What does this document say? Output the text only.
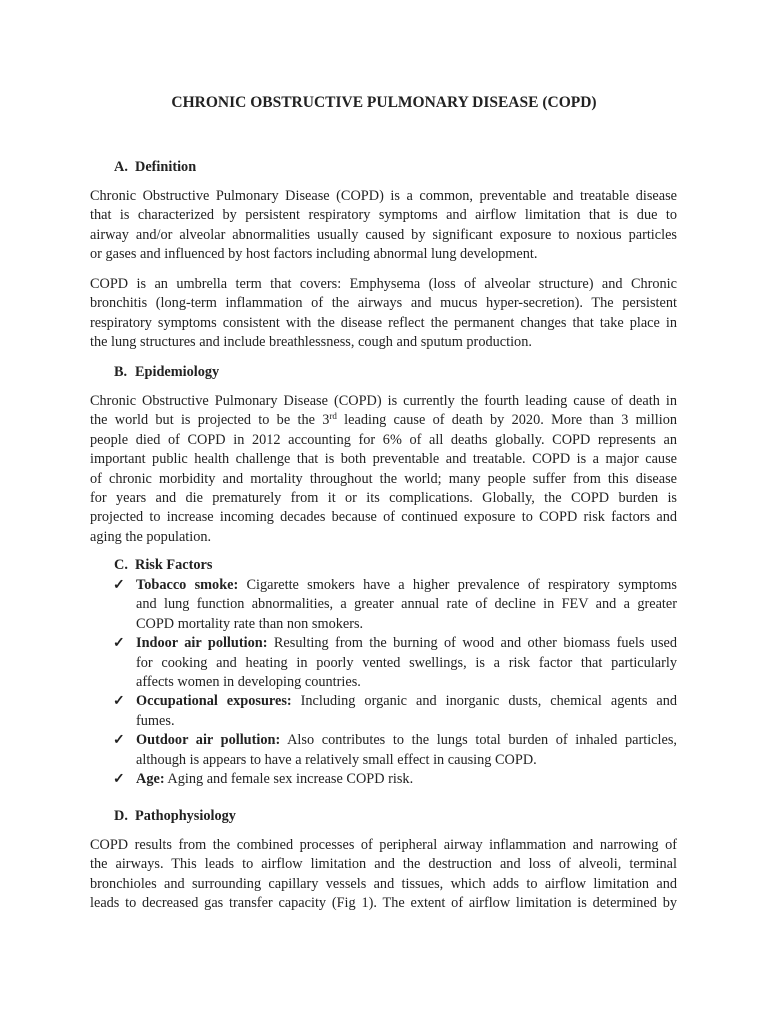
CHRONIC OBSTRUCTIVE PULMONARY DISEASE (COPD)
A. Definition
Chronic Obstructive Pulmonary Disease (COPD) is a common, preventable and treatable disease
that is characterized by persistent respiratory symptoms and airflow limitation that is due to
airway and/or alveolar abnormalities usually caused by significant exposure to noxious particles
or gases and influenced by host factors including abnormal lung development.
COPD is an umbrella term that covers: Emphysema (loss of alveolar structure) and Chronic
bronchitis (long-term inflammation of the airways and mucus hyper-secretion). The persistent
respiratory symptoms consistent with the disease reflect the permanent changes that take place in
the lung structures and include breathlessness, cough and sputum production.
B. Epidemiology
Chronic Obstructive Pulmonary Disease (COPD) is currently the fourth leading cause of death in
the world but is projected to be the 3rd leading cause of death by 2020. More than 3 million
people died of COPD in 2012 accounting for 6% of all deaths globally. COPD represents an
important public health challenge that is both preventable and treatable. COPD is a major cause
of chronic morbidity and mortality throughout the world; many people suffer from this disease
for years and die prematurely from it or its complications. Globally, the COPD burden is
projected to increase incoming decades because of continued exposure to COPD risk factors and
aging the population.
C. Risk Factors
✓ Tobacco smoke: Cigarette smokers have a higher prevalence of respiratory symptoms
and lung function abnormalities, a greater annual rate of decline in FEV and a greater
COPD mortality rate than non smokers.
✓ Indoor air pollution: Resulting from the burning of wood and other biomass fuels used
for cooking and heating in poorly vented swellings, is a risk factor that particularly
affects women in developing countries.
✓ Occupational exposures: Including organic and inorganic dusts, chemical agents and
fumes.
✓ Outdoor air pollution: Also contributes to the lungs total burden of inhaled particles,
although is appears to have a relatively small effect in causing COPD.
✓ Age: Aging and female sex increase COPD risk.
D. Pathophysiology
COPD results from the combined processes of peripheral airway inflammation and narrowing of
the airways. This leads to airflow limitation and the destruction and loss of alveoli, terminal
bronchioles and surrounding capillary vessels and tissues, which adds to airflow limitation and
leads to decreased gas transfer capacity (Fig 1). The extent of airflow limitation is determined by
